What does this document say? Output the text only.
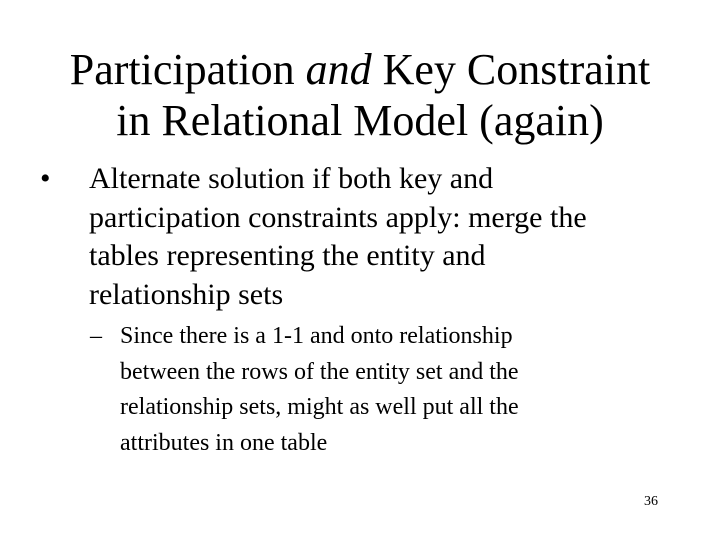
Participation and Key Constraint
in Relational Model (again)
• Alternate solution if both key and
participation constraints apply: merge the
tables representing the entity and
relationship sets
– Since there is a 1-1 and onto relationship
between the rows of the entity set and the
relationship sets, might as well put all the
attributes in one table
36
